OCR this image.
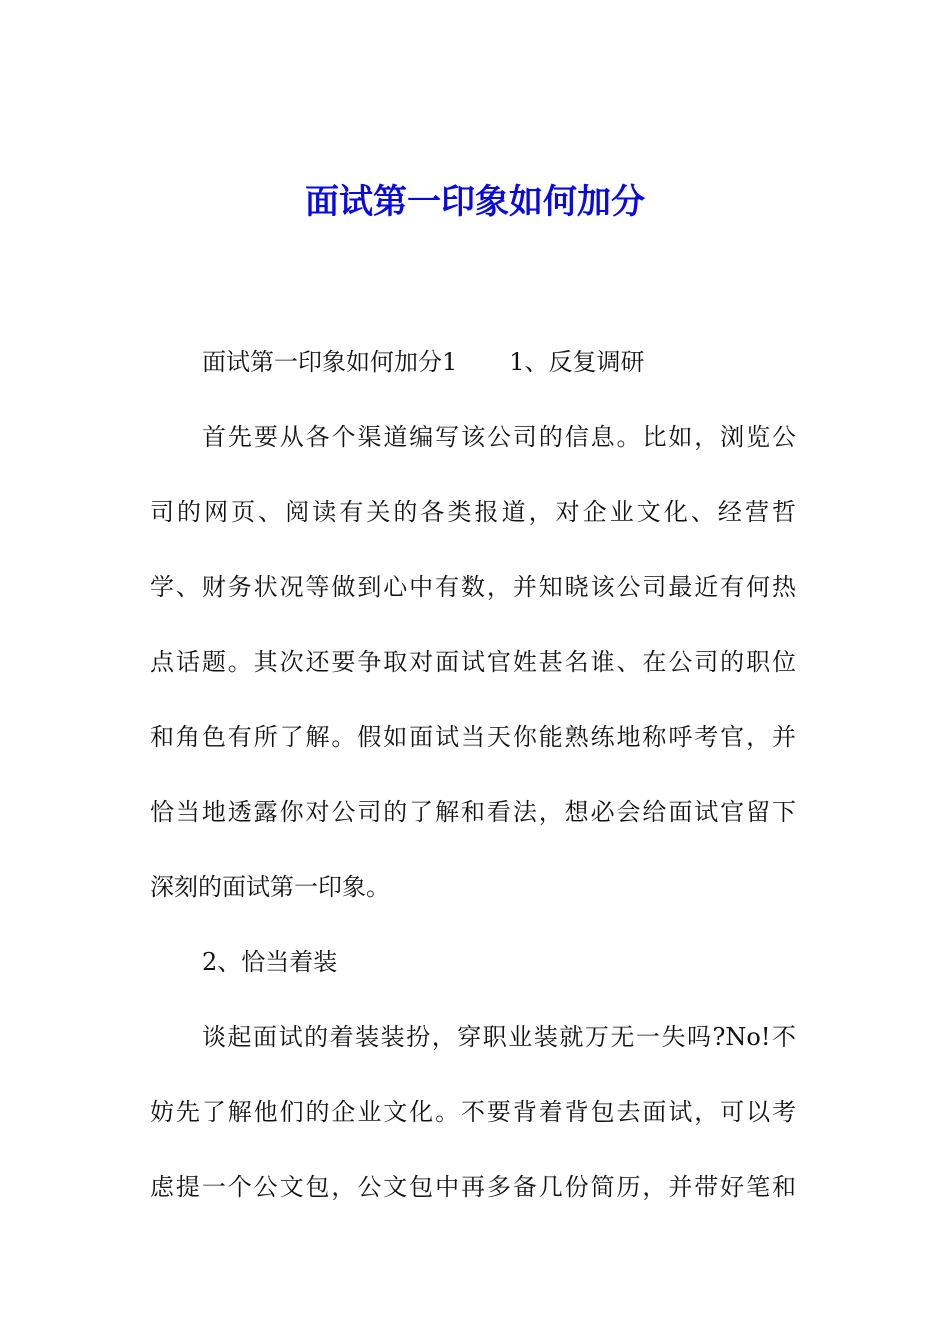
面试第一印象如何加分
面试第一印象如何加分1 1、反复调研
首先要从各个渠道编写该公司的信息。比如，浏览公
司的网页、阅读有关的各类报道，对企业文化、经营哲
学、财务状况等做到心中有数，并知晓该公司最近有何热
点话题。其次还要争取对面试官姓甚名谁、在公司的职位
和角色有所了解。假如面试当天你能熟练地称呼考官，并
恰当地透露你对公司的了解和看法，想必会给面试官留下
深刻的面试第一印象。
2、恰当着装
谈起面试的着装装扮，穿职业装就万无一失吗?No!不
妨先了解他们的企业文化。不要背着背包去面试，可以考
虑提一个公文包，公文包中再多备几份简历，并带好笔和
